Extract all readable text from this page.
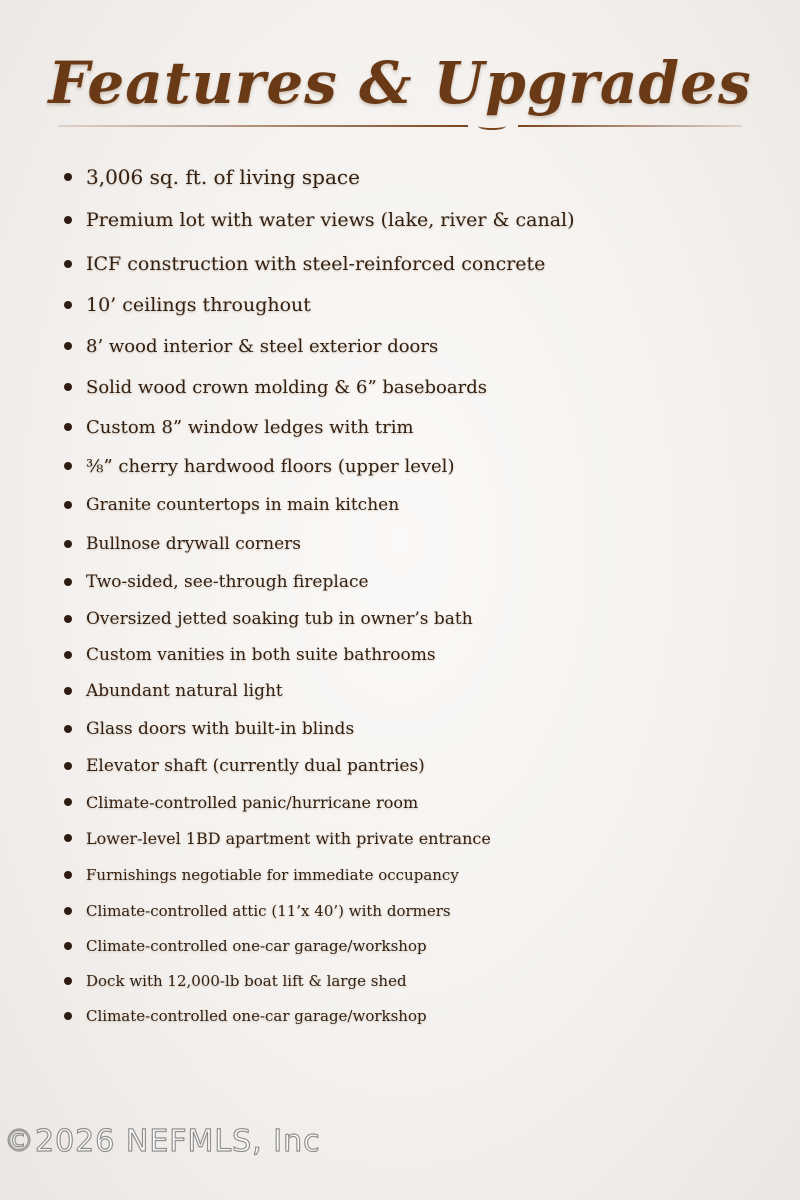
Features & Upgrades
3,006 sq. ft. of living space
Premium lot with water views (lake, river & canal)
ICF construction with steel-reinforced concrete
10’ ceilings throughout
8’ wood interior & steel exterior doors
Solid wood crown molding & 6” baseboards
Custom 8” window ledges with trim
⅜” cherry hardwood floors (upper level)
Granite countertops in main kitchen
Bullnose drywall corners
Two-sided, see-through fireplace
Oversized jetted soaking tub in owner’s bath
Custom vanities in both suite bathrooms
Abundant natural light
Glass doors with built-in blinds
Elevator shaft (currently dual pantries)
Climate-controlled panic/hurricane room
Lower-level 1BD apartment with private entrance
Furnishings negotiable for immediate occupancy
Climate-controlled attic (11’x 40’) with dormers
Climate-controlled one-car garage/workshop
Dock with 12,000-lb boat lift & large shed
Climate-controlled one-car garage/workshop
©2026 NEFMLS, Inc
